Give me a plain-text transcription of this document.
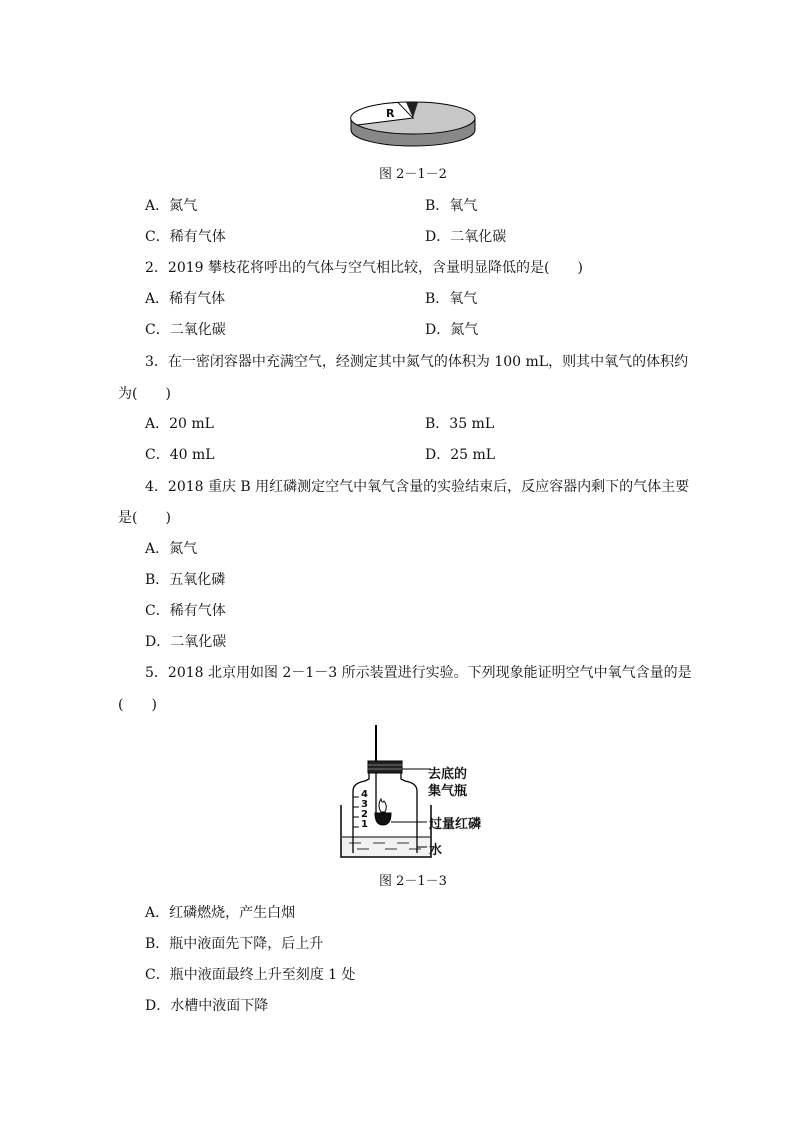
R
图 2－1－2
A．氮气	B．氧气
C．稀有气体	D．二氧化碳
2．2019 攀枝花将呼出的气体与空气相比较，含量明显降低的是(　　)
A．稀有气体	B．氧气
C．二氧化碳	D．氮气
3．在一密闭容器中充满空气，经测定其中氮气的体积为 100 mL，则其中氧气的体积约
为(　　)
A．20 mL	B．35 mL
C．40 mL	D．25 mL
4．2018 重庆 B 用红磷测定空气中氧气含量的实验结束后，反应容器内剩下的气体主要
是(　　)
A．氮气
B．五氧化磷
C．稀有气体
D．二氧化碳
5．2018 北京用如图 2－1－3 所示装置进行实验。下列现象能证明空气中氧气含量的是
(　　)
4
3
2
1
去底的
集气瓶
过量红磷
水
图 2－1－3
A．红磷燃烧，产生白烟
B．瓶中液面先下降，后上升
C．瓶中液面最终上升至刻度 1 处
D．水槽中液面下降
